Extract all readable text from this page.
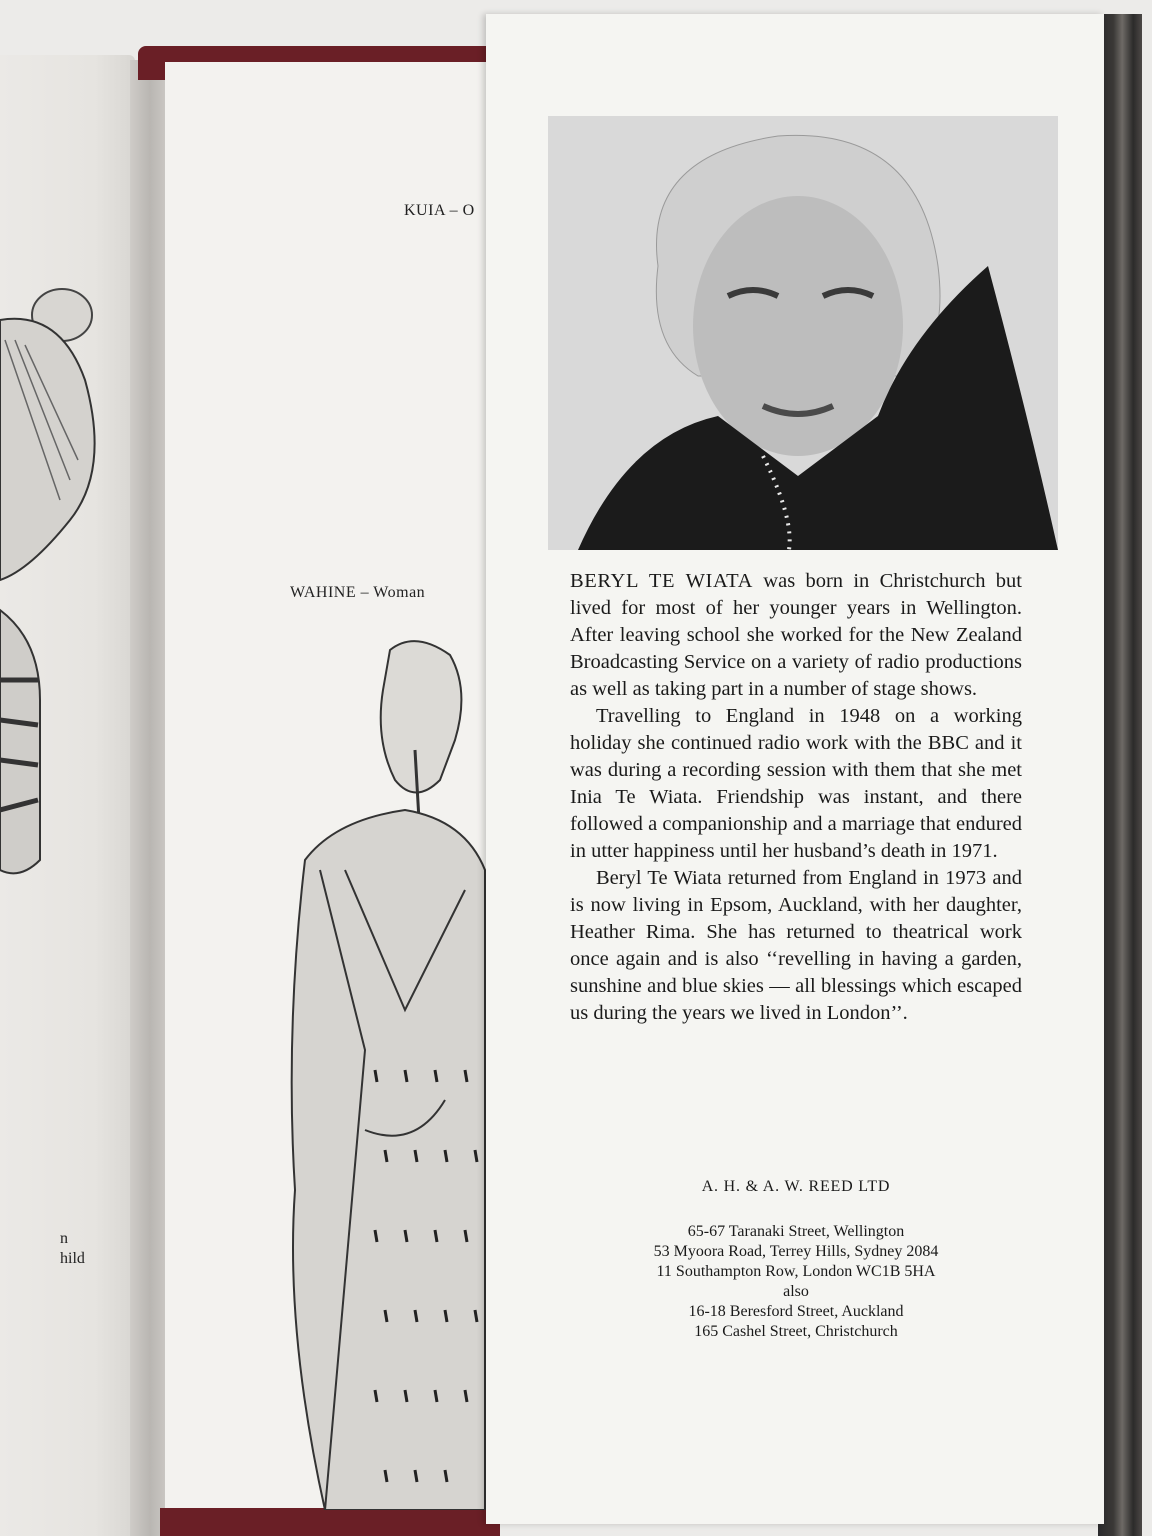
n
hild
KUIA – O
WAHINE – Woman

BERYL TE WIATA was born in Christchurch but lived for most of her younger years in Wellington. After leaving school she worked for the New Zealand Broadcasting Service on a variety of radio productions as well as taking part in a number of stage shows.

Travelling to England in 1948 on a working holiday she continued radio work with the BBC and it was during a recording session with them that she met Inia Te Wiata. Friendship was instant, and there followed a companionship and a marriage that endured in utter happiness until her husband’s death in 1971.

Beryl Te Wiata returned from England in 1973 and is now living in Epsom, Auckland, with her daughter, Heather Rima. She has returned to theatrical work once again and is also ‘‘revelling in having a garden, sunshine and blue skies — all blessings which escaped us during the years we lived in London’’.

A. H. & A. W. REED LTD
65-67 Taranaki Street, Wellington
53 Myoora Road, Terrey Hills, Sydney 2084
11 Southampton Row, London WC1B 5HA
also
16-18 Beresford Street, Auckland
165 Cashel Street, Christchurch
